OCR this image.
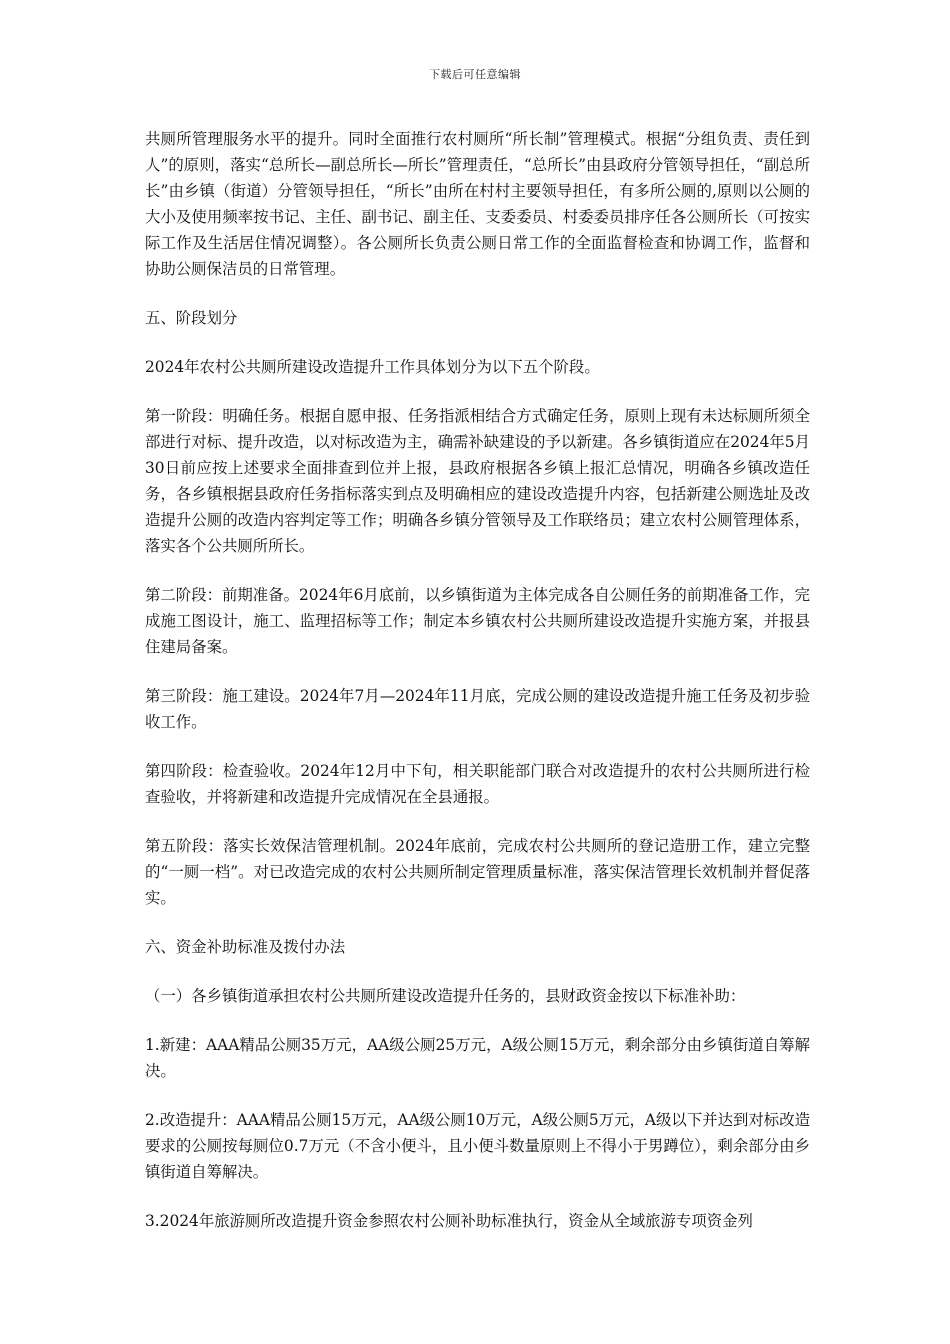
下载后可任意编辑

共厕所管理服务水平的提升。同时全面推行农村厕所“所长制”管理模式。根据“分组负责、责任到人”的原则，落实“总所长—副总所长—所长”管理责任，“总所长”由县政府分管领导担任，“副总所长”由乡镇（街道）分管领导担任，“所长”由所在村村主要领导担任，有多所公厕的,原则以公厕的大小及使用频率按书记、主任、副书记、副主任、支委委员、村委委员排序任各公厕所长（可按实际工作及生活居住情况调整）。各公厕所长负责公厕日常工作的全面监督检查和协调工作，监督和协助公厕保洁员的日常管理。

五、阶段划分

2024年农村公共厕所建设改造提升工作具体划分为以下五个阶段。

第一阶段：明确任务。根据自愿申报、任务指派相结合方式确定任务，原则上现有未达标厕所须全部进行对标、提升改造，以对标改造为主，确需补缺建设的予以新建。各乡镇街道应在2024年5月30日前应按上述要求全面排查到位并上报，县政府根据各乡镇上报汇总情况，明确各乡镇改造任务，各乡镇根据县政府任务指标落实到点及明确相应的建设改造提升内容，包括新建公厕选址及改造提升公厕的改造内容判定等工作；明确各乡镇分管领导及工作联络员；建立农村公厕管理体系，落实各个公共厕所所长。

第二阶段：前期准备。2024年6月底前，以乡镇街道为主体完成各自公厕任务的前期准备工作，完成施工图设计，施工、监理招标等工作；制定本乡镇农村公共厕所建设改造提升实施方案，并报县住建局备案。

第三阶段：施工建设。2024年7月—2024年11月底，完成公厕的建设改造提升施工任务及初步验收工作。

第四阶段：检查验收。2024年12月中下旬，相关职能部门联合对改造提升的农村公共厕所进行检查验收，并将新建和改造提升完成情况在全县通报。

第五阶段：落实长效保洁管理机制。2024年底前，完成农村公共厕所的登记造册工作，建立完整的“一厕一档”。对已改造完成的农村公共厕所制定管理质量标准，落实保洁管理长效机制并督促落实。

六、资金补助标准及拨付办法

（一）各乡镇街道承担农村公共厕所建设改造提升任务的，县财政资金按以下标准补助：

1.新建：AAA精品公厕35万元，AA级公厕25万元，A级公厕15万元，剩余部分由乡镇街道自筹解决。

2.改造提升：AAA精品公厕15万元，AA级公厕10万元，A级公厕5万元，A级以下并达到对标改造要求的公厕按每厕位0.7万元（不含小便斗，且小便斗数量原则上不得小于男蹲位），剩余部分由乡镇街道自筹解决。

3.2024年旅游厕所改造提升资金参照农村公厕补助标准执行，资金从全域旅游专项资金列
